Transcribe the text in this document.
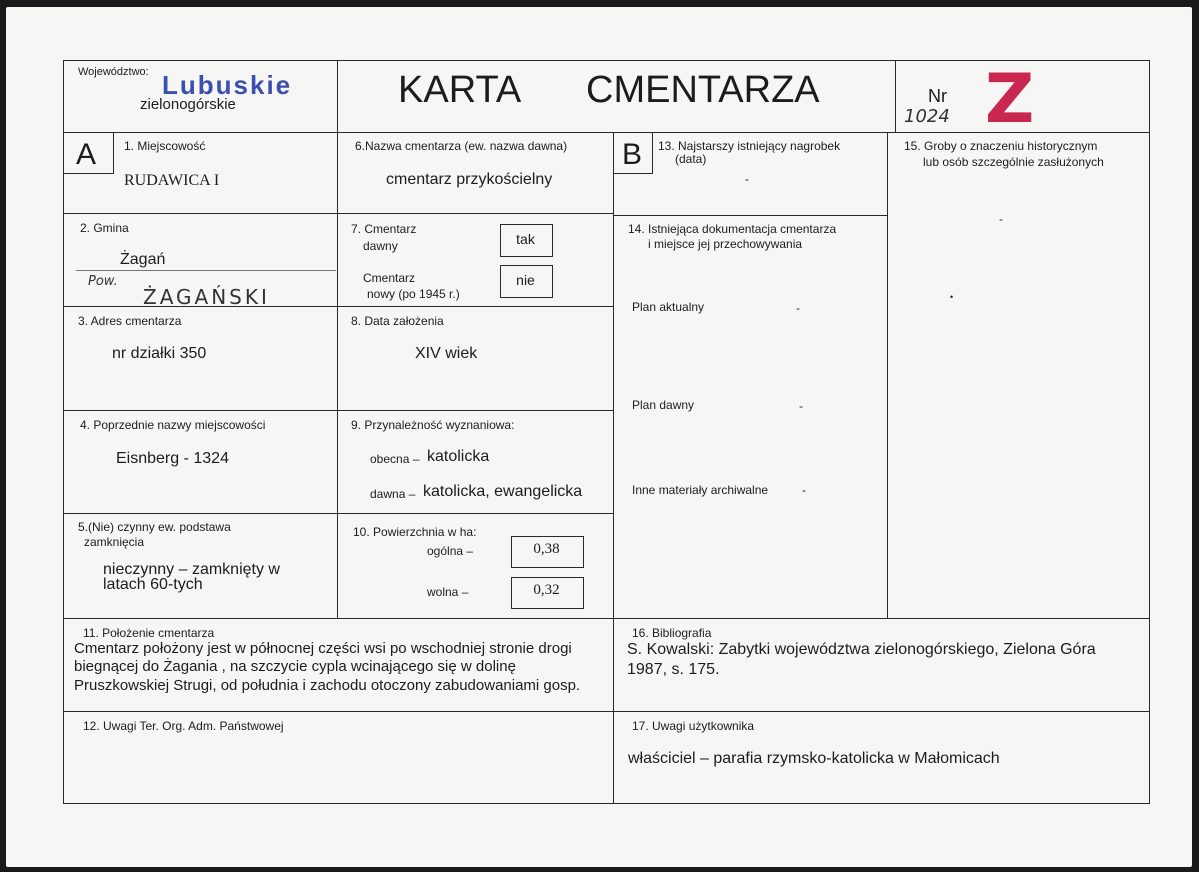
Województwo: Lubuskie
zielonogórskie	KARTA CMENTARZA	Nr
1024 Z
A 1. Miejscowość
RUDAWICA I
2. Gmina
Żagań
Pow.
ŻAGAŃSKI
3. Adres cmentarza
nr działki 350
4. Poprzednie nazwy miejscowości
Eisnberg - 1324
5.(Nie) czynny ew. podstawa
zamknięcia
nieczynny – zamknięty w
latach 60-tych
6.Nazwa cmentarza (ew. nazwa dawna)
cmentarz przykościelny
7. Cmentarz
dawny	tak
Cmentarz
nowy (po 1945 r.)
nie
8. Data założenia
XIV wiek
9. Przynależność wyznaniowa:
obecna – katolicka
dawna – katolicka, ewangelicka
10. Powierzchnia w ha:
ogólna –	0,38
wolna –	0,32
B 13. Najstarszy istniejący nagrobek
(data)
-
14. Istniejąca dokumentacja cmentarza
i miejsce jej przechowywania
Plan aktualny	-
Plan dawny	-
Inne materiały archiwalne	-
15. Groby o znaczeniu historycznym
lub osób szczególnie zasłużonych
-
•
11. Położenie cmentarza
Cmentarz położony jest w północnej części wsi po wschodniej stronie drogi
biegnącej do Żagania , na szczycie cypla wcinającego się w dolinę
Pruszkowskiej Strugi, od południa i zachodu otoczony zabudowaniami gosp.
16. Bibliografia
S. Kowalski: Zabytki województwa zielonogórskiego, Zielona Góra
1987, s. 175.
12. Uwagi Ter. Org. Adm. Państwowej	17. Uwagi użytkownika
właściciel – parafia rzymsko-katolicka w Małomicach
